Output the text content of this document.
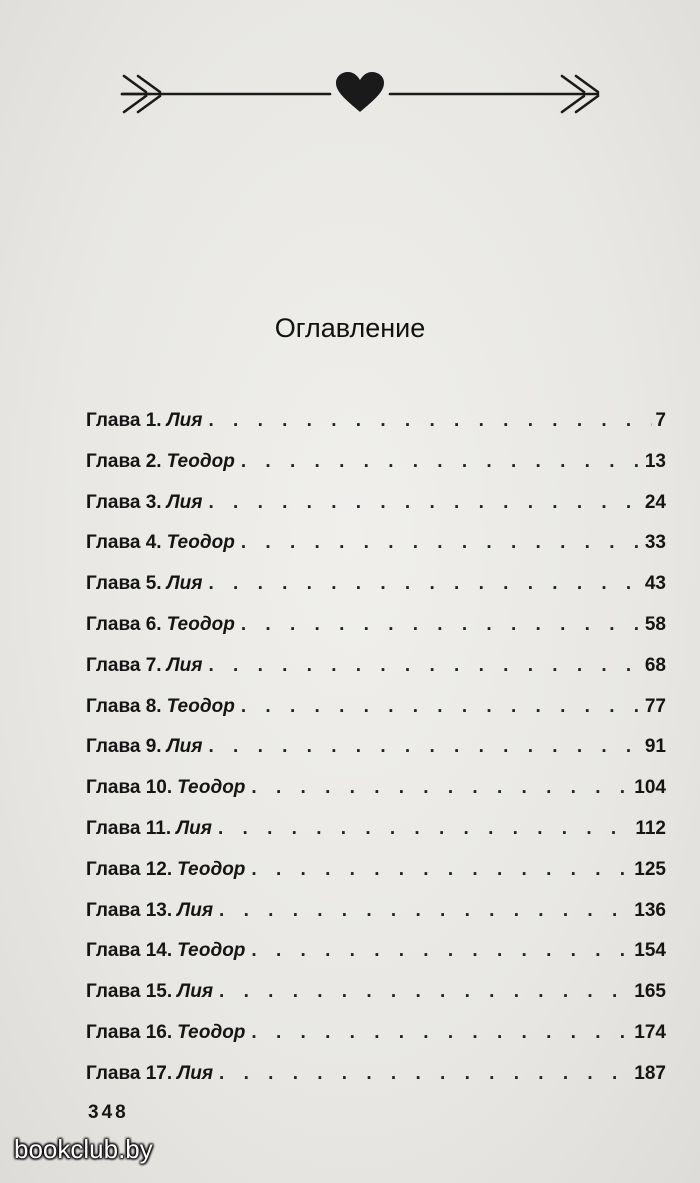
Оглавление
Глава 1. Лия . . .	7
Глава 2. Теодор . . .	13
Глава 3. Лия . . .	24
Глава 4. Теодор . . .	33
Глава 5. Лия . . .	43
Глава 6. Теодор . . .	58
Глава 7. Лия . . .	68
Глава 8. Теодор . . .	77
Глава 9. Лия . . .	91
Глава 10. Теодор . . .	104
Глава 11. Лия . . .	112
Глава 12. Теодор . . .	125
Глава 13. Лия . . .	136
Глава 14. Теодор . . .	154
Глава 15. Лия . . .	165
Глава 16. Теодор . . .	174
Глава 17. Лия . . .	187
348
bookclub.by
